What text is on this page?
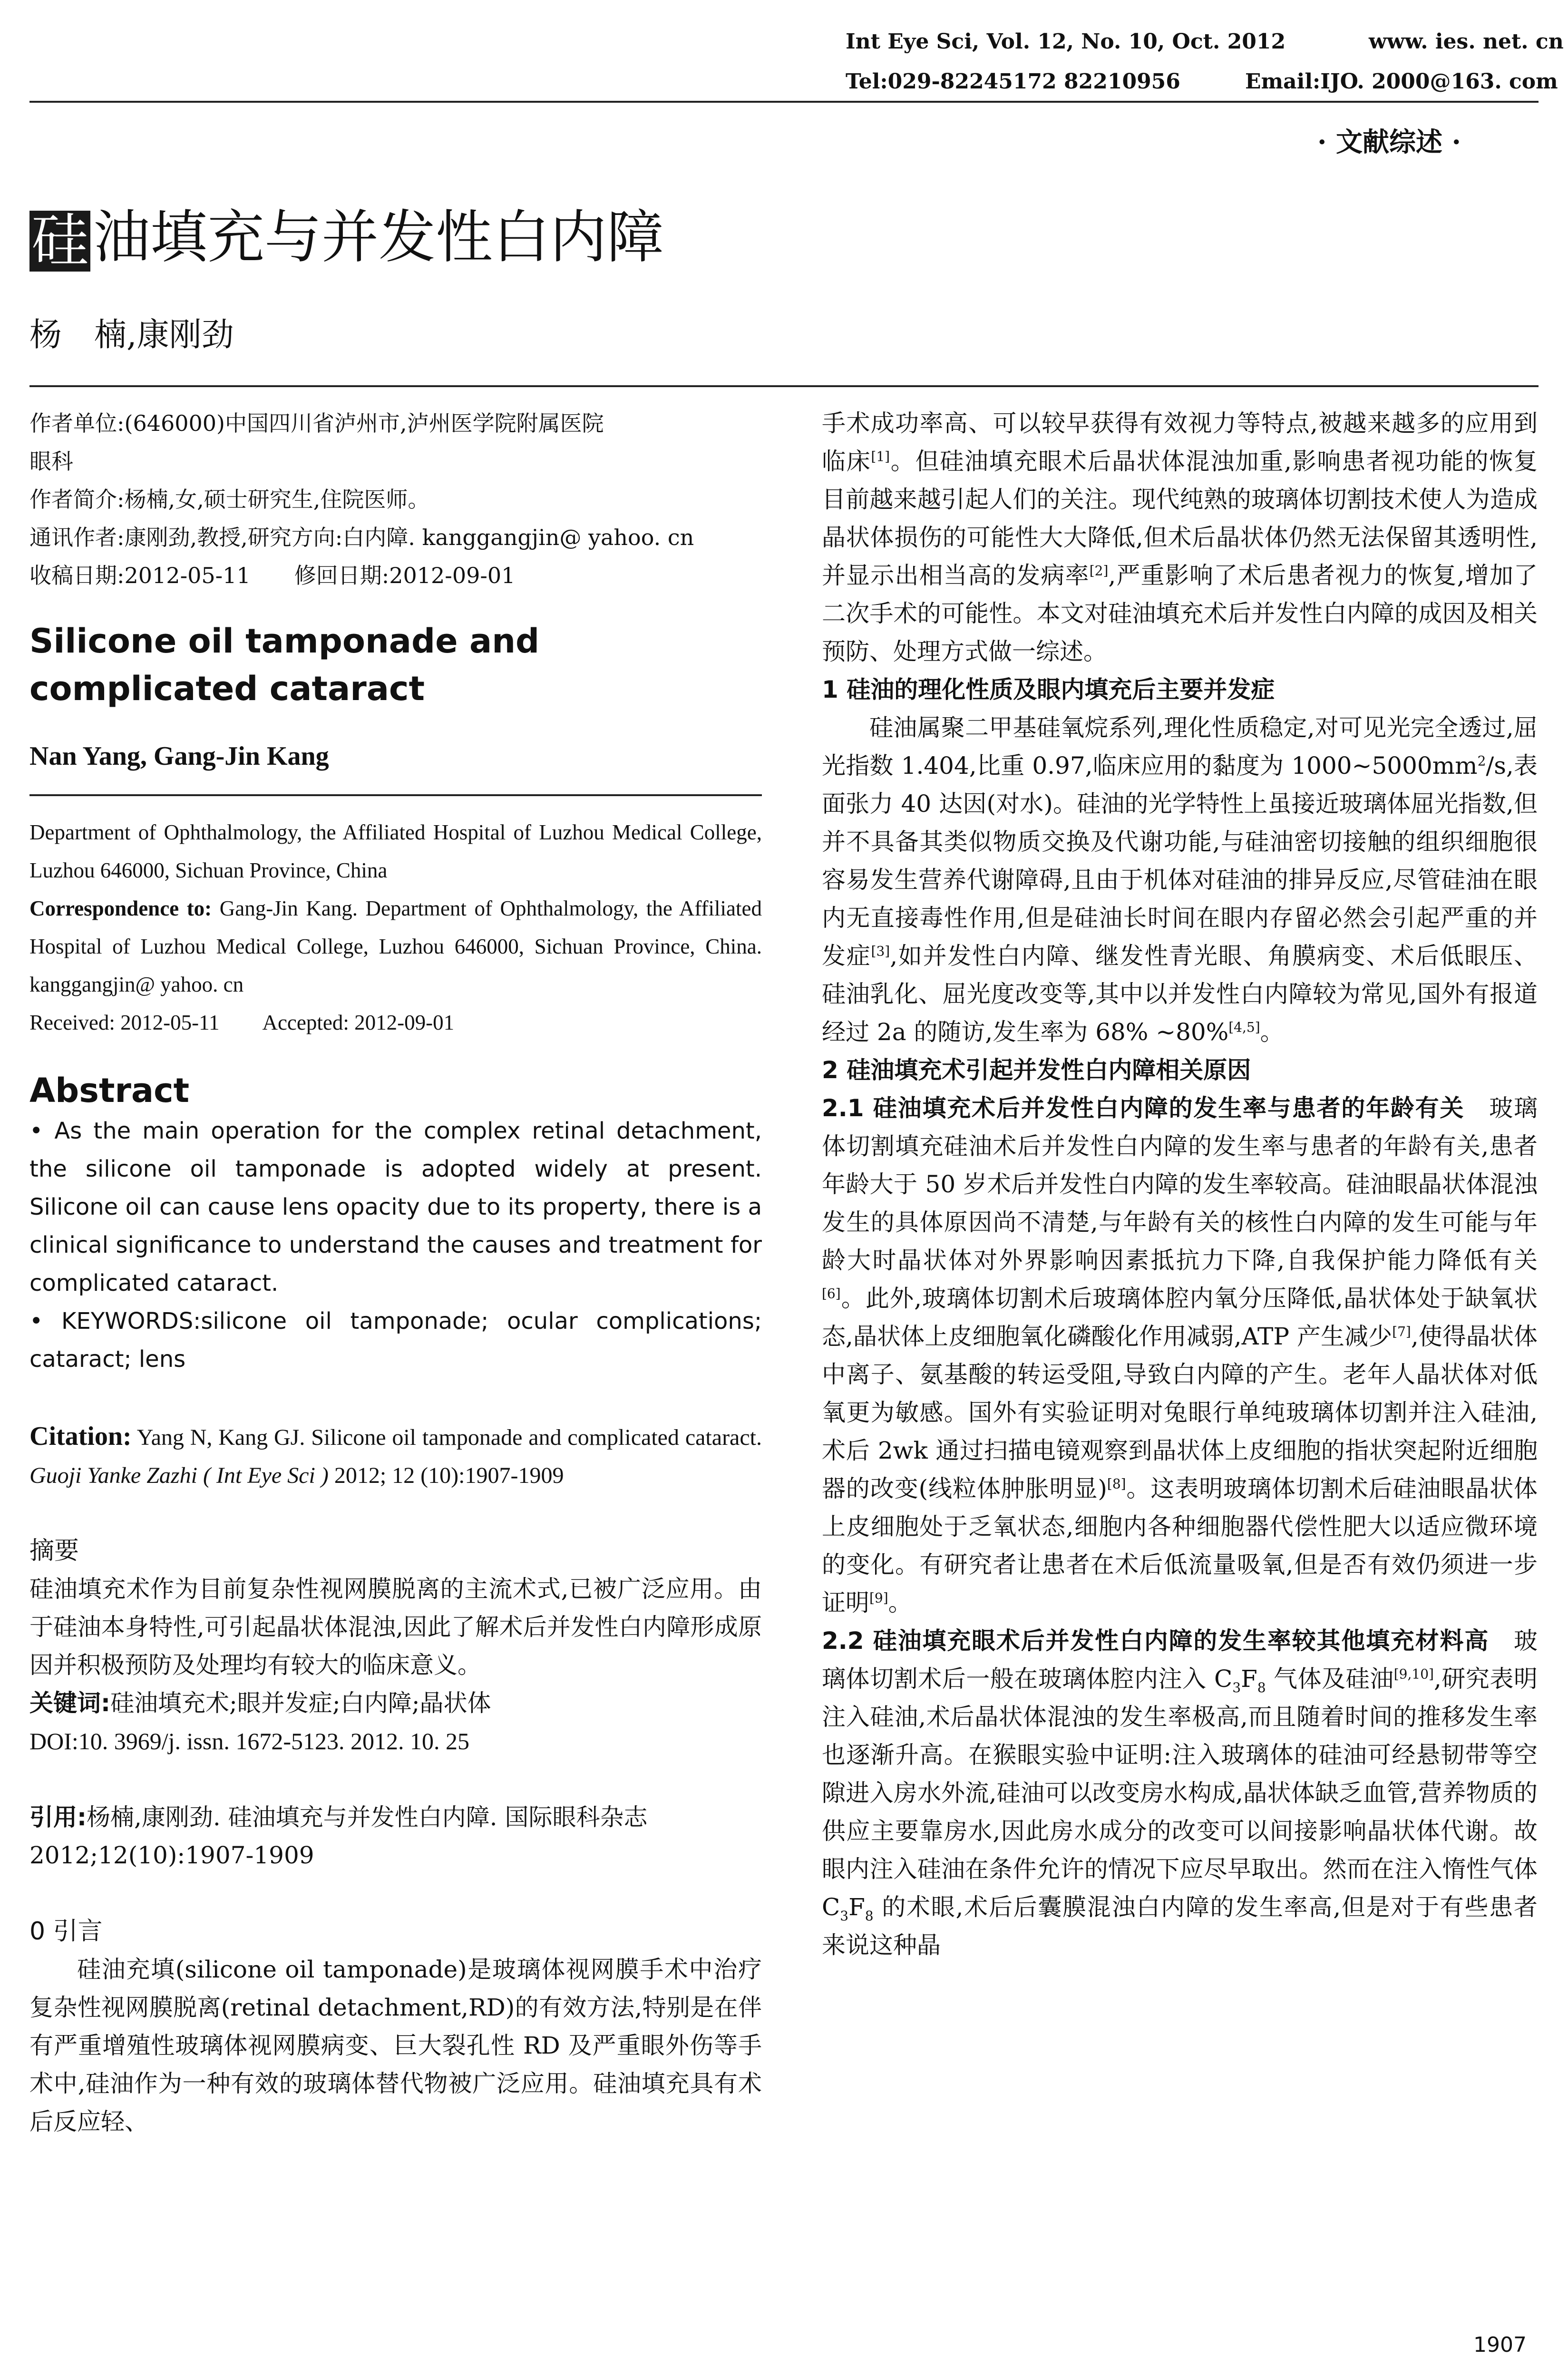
Int Eye Sci, Vol. 12, No. 10, Oct. 2012	www. ies. net. cn
Tel:029-82245172 82210956	Email:IJO. 2000@163. com
· 文献综述 ·
硅油填充与并发性白内障
杨　楠,康刚劲

作者单位:(646000)中国四川省泸州市,泸州医学院附属医院

眼科

作者简介:杨楠,女,硕士研究生,住院医师。

通讯作者:康刚劲,教授,研究方向:白内障. kanggangjin@ yahoo. cn

收稿日期:2012-05-11　　修回日期:2012-09-01

Silicone oil tamponade and complicated cataract
Nan Yang, Gang-Jin Kang

Department of Ophthalmology, the Affiliated Hospital of Luzhou Medical College, Luzhou 646000, Sichuan Province, China

Correspondence to: Gang-Jin Kang. Department of Ophthalmology, the Affiliated Hospital of Luzhou Medical College, Luzhou 646000, Sichuan Province, China. kanggangjin@ yahoo. cn

Received: 2012-05-11　　Accepted: 2012-09-01

Abstract

• As the main operation for the complex retinal detachment, the silicone oil tamponade is adopted widely at present. Silicone oil can cause lens opacity due to its property, there is a clinical significance to understand the causes and treatment for complicated cataract.

• KEYWORDS:silicone oil tamponade; ocular complications; cataract; lens

Citation: Yang N, Kang GJ. Silicone oil tamponade and complicated cataract. Guoji Yanke Zazhi ( Int Eye Sci ) 2012; 12 (10):1907-1909
摘要
硅油填充术作为目前复杂性视网膜脱离的主流术式,已被广泛应用。由于硅油本身特性,可引起晶状体混浊,因此了解术后并发性白内障形成原因并积极预防及处理均有较大的临床意义。
关键词:硅油填充术;眼并发症;白内障;晶状体
DOI:10. 3969/j. issn. 1672-5123. 2012. 10. 25
引用:杨楠,康刚劲. 硅油填充与并发性白内障. 国际眼科杂志 2012;12(10):1907-1909
0 引言
硅油充填(silicone oil tamponade)是玻璃体视网膜手术中治疗复杂性视网膜脱离(retinal detachment,RD)的有效方法,特别是在伴有严重增殖性玻璃体视网膜病变、巨大裂孔性 RD 及严重眼外伤等手术中,硅油作为一种有效的玻璃体替代物被广泛应用。硅油填充具有术后反应轻、

手术成功率高、可以较早获得有效视力等特点,被越来越多的应用到临床[1]。但硅油填充眼术后晶状体混浊加重,影响患者视功能的恢复目前越来越引起人们的关注。现代纯熟的玻璃体切割技术使人为造成晶状体损伤的可能性大大降低,但术后晶状体仍然无法保留其透明性,并显示出相当高的发病率[2],严重影响了术后患者视力的恢复,增加了二次手术的可能性。本文对硅油填充术后并发性白内障的成因及相关预防、处理方式做一综述。

1 硅油的理化性质及眼内填充后主要并发症

硅油属聚二甲基硅氧烷系列,理化性质稳定,对可见光完全透过,屈光指数 1.404,比重 0.97,临床应用的黏度为 $1000\sim 5000mm^2/s$,表面张力 40 达因(对水)。硅油的光学特性上虽接近玻璃体屈光指数,但并不具备其类似物质交换及代谢功能,与硅油密切接触的组织细胞很容易发生营养代谢障碍,且由于机体对硅油的排异反应,尽管硅油在眼内无直接毒性作用,但是硅油长时间在眼内存留必然会引起严重的并发症[3],如并发性白内障、继发性青光眼、角膜病变、术后低眼压、硅油乳化、屈光度改变等,其中以并发性白内障较为常见,国外有报道经过 2a 的随访,发生率为 68% ~80%[4,5]。

2 硅油填充术引起并发性白内障相关原因

2.1 硅油填充术后并发性白内障的发生率与患者的年龄有关　玻璃体切割填充硅油术后并发性白内障的发生率与患者的年龄有关,患者年龄大于 50 岁术后并发性白内障的发生率较高。硅油眼晶状体混浊发生的具体原因尚不清楚,与年龄有关的核性白内障的发生可能与年龄大时晶状体对外界影响因素抵抗力下降,自我保护能力降低有关[6]。此外,玻璃体切割术后玻璃体腔内氧分压降低,晶状体处于缺氧状态,晶状体上皮细胞氧化磷酸化作用减弱,ATP 产生减少[7],使得晶状体中离子、氨基酸的转运受阻,导致白内障的产生。老年人晶状体对低氧更为敏感。国外有实验证明对兔眼行单纯玻璃体切割并注入硅油,术后 2wk 通过扫描电镜观察到晶状体上皮细胞的指状突起附近细胞器的改变(线粒体肿胀明显)[8]。这表明玻璃体切割术后硅油眼晶状体上皮细胞处于乏氧状态,细胞内各种细胞器代偿性肥大以适应微环境的变化。有研究者让患者在术后低流量吸氧,但是否有效仍须进一步证明[9]。

2.2 硅油填充眼术后并发性白内障的发生率较其他填充材料高　玻璃体切割术后一般在玻璃体腔内注入 $C_3F_8$ 气体及硅油[9,10],研究表明注入硅油,术后晶状体混浊的发生率极高,而且随着时间的推移发生率也逐渐升高。在猴眼实验中证明:注入玻璃体的硅油可经悬韧带等空隙进入房水外流,硅油可以改变房水构成,晶状体缺乏血管,营养物质的供应主要靠房水,因此房水成分的改变可以间接影响晶状体代谢。故眼内注入硅油在条件允许的情况下应尽早取出。然而在注入惰性气体 $C_3F_8$ 的术眼,术后后囊膜混浊白内障的发生率高,但是对于有些患者来说这种晶

1907
